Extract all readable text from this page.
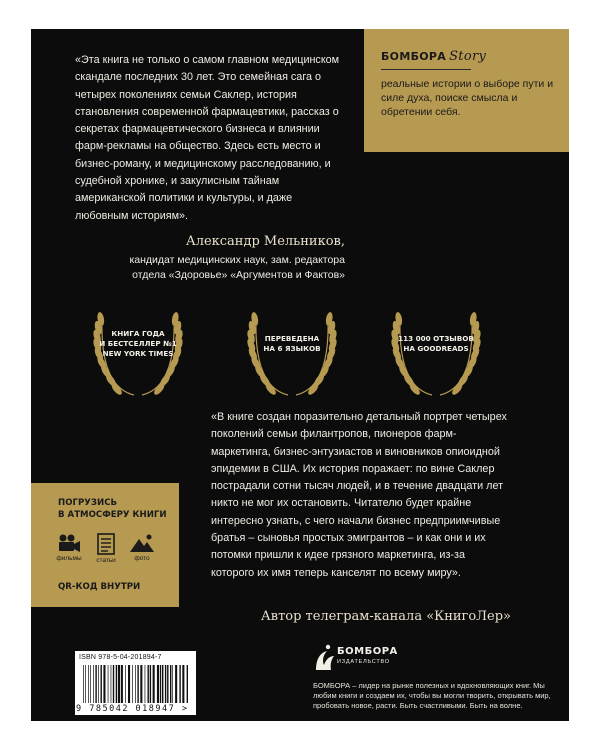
БОМБОРА Story
реальные истории о выборе пути и силе духа, поиске смысла и обретении себя.
«Эта книга не только о самом главном медицинском скандале последних 30 лет. Это семейная сага о четырех поколениях семьи Саклер, история становления современной фармацевтики, рассказ о секретах фармацевтического бизнеса и влиянии фарм-рекламы на общество. Здесь есть место и бизнес-роману, и медицинскому расследованию, и судебной хронике, и закулисным тайнам американской политики и культуры, и даже любовным историям».
Александр Мельников,
кандидат медицинских наук, зам. редактора
отдела «Здоровье» «Аргументов и Фактов»
КНИГА ГОДА
И БЕСТСЕЛЛЕР №1
NEW YORK TIMES
ПЕРЕВЕДЕНА
НА 6 ЯЗЫКОВ
113 000 ОТЗЫВОВ
НА GOODREADS
«В книге создан поразительно детальный портрет четырех поколений семьи филантропов, пионеров фарм-маркетинга, бизнес-энтузиастов и виновников опиоидной эпидемии в США. Их история поражает: по вине Саклер пострадали сотни тысяч людей, и в течение двадцати лет никто не мог их остановить. Читателю будет крайне интересно узнать, с чего начали бизнес предприимчивые братья – сыновья простых эмигрантов – и как они и их потомки пришли к идее грязного маркетинга, из-за которого их имя теперь канселят по всему миру».
Автор телеграм-канала «КнигоЛер»
ПОГРУЗИСЬ
В АТМОСФЕРУ КНИГИ
фильмы	статьи	фото
QR-КОД ВНУТРИ
ISBN 978-5-04-201894-7
9 785042 018947 >
БОМБОРА
ИЗДАТЕЛЬСТВО
БОМБОРА – лидер на рынке полезных и вдохновляющих книг. Мы любим книги и создаем их, чтобы вы могли творить, открывать мир, пробовать новое, расти. Быть счастливыми. Быть на волне.
